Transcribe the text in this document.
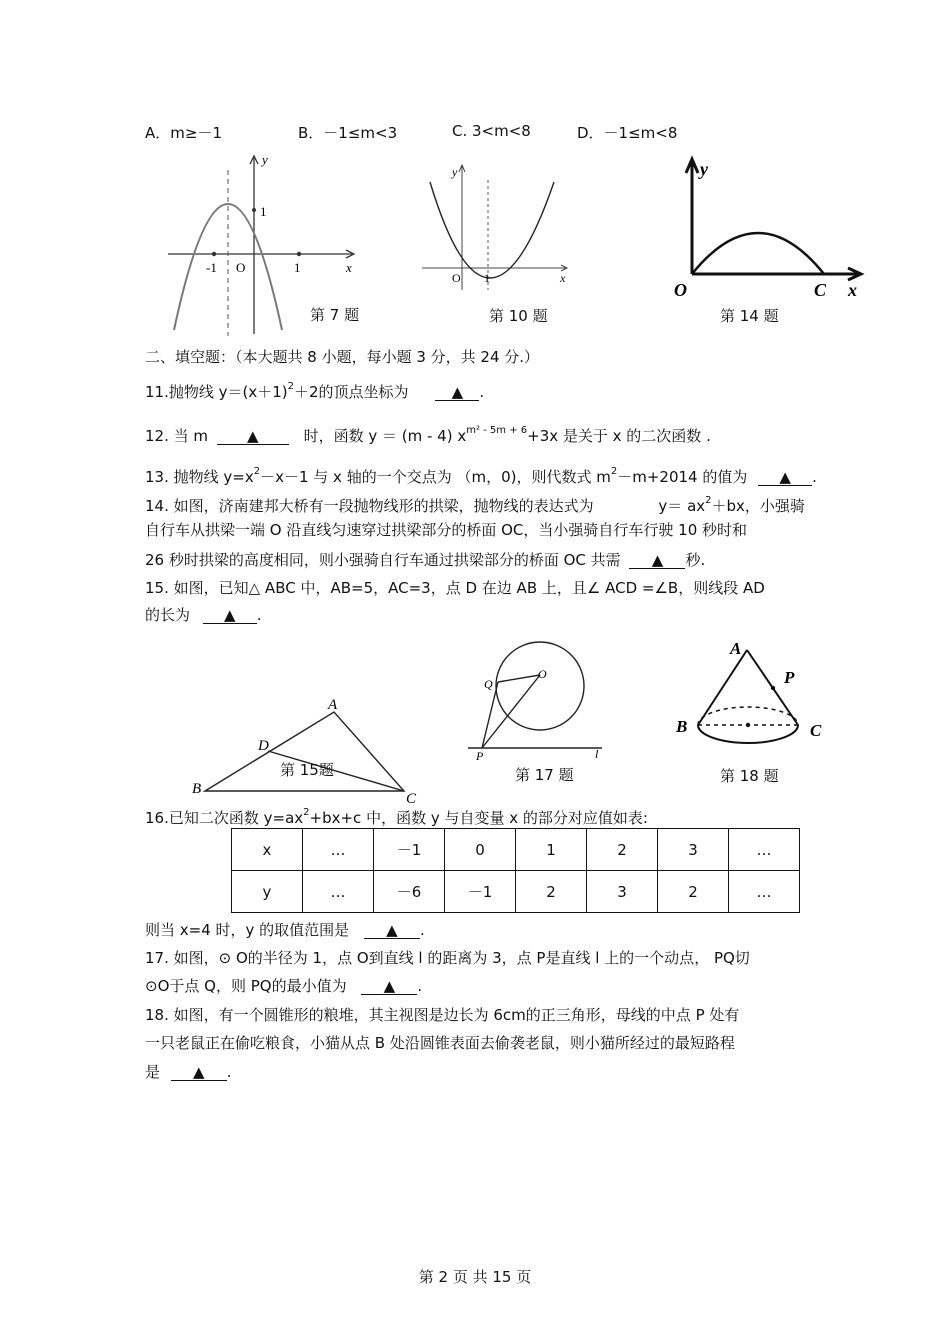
A．m≥－1	B．－1≤m<3	C. 3<m<8	D．－1≤m<8
y
x
1
-1 O	1
第 7 题
y
x
O 1
第 10 题
y
O	C x
第 14 题
二、填空题：（本大题共 8 小题，每小题 3 分，共 24 分.）
11.抛物线 $y=(x+1)^2+2$的顶点坐标为	▲ .
12. 当 m	▲	时，函数 y ＝ (m - 4) $x^{m^2 - 5m + 6}+3x$ 是关于 x 的二次函数 .
13. 抛物线 $y=x^2-x-1$ 与 x 轴的一个交点为 （m，0)，则代数式 $m^2-m+2014$ 的值为 ▲ .
14. 如图，济南建邦大桥有一段抛物线形的拱梁，抛物线的表达式为	$y= ax^2+bx$，小强骑
自行车从拱梁一端 O 沿直线匀速穿过拱梁部分的桥面 OC，当小强骑自行车行驶 10 秒时和
26 秒时拱梁的高度相同，则小强骑自行车通过拱梁部分的桥面 OC 共需 ▲ 秒.
15. 如图，已知△ ABC 中，AB=5，AC=3，点 D 在边 AB 上，且∠ ACD =∠B，则线段 AD
的长为 ▲ .
A
B
C
D
第 15题
Q
O
P	l
第 17 题
A
P
B	C
第 18 题
16.已知二次函数 $y=ax^2+bx+c$ 中，函数 y 与自变量 x 的部分对应值如表:
x	…	－1	0	1	2	3	…
y	…	－6	－1	2	3	2	…
则当 x=4 时，y 的取值范围是 ▲ .
17. 如图，⊙ O的半径为 1，点 O到直线 l 的距离为 3，点 P是直线 l 上的一个动点， PQ切
⊙O于点 Q，则 PQ的最小值为 ▲ .
18. 如图，有一个圆锥形的粮堆，其主视图是边长为 6cm的正三角形，母线的中点 P 处有
一只老鼠正在偷吃粮食，小猫从点 B 处沿圆锥表面去偷袭老鼠，则小猫所经过的最短路程
是 ▲ .
第 2 页 共 15 页
